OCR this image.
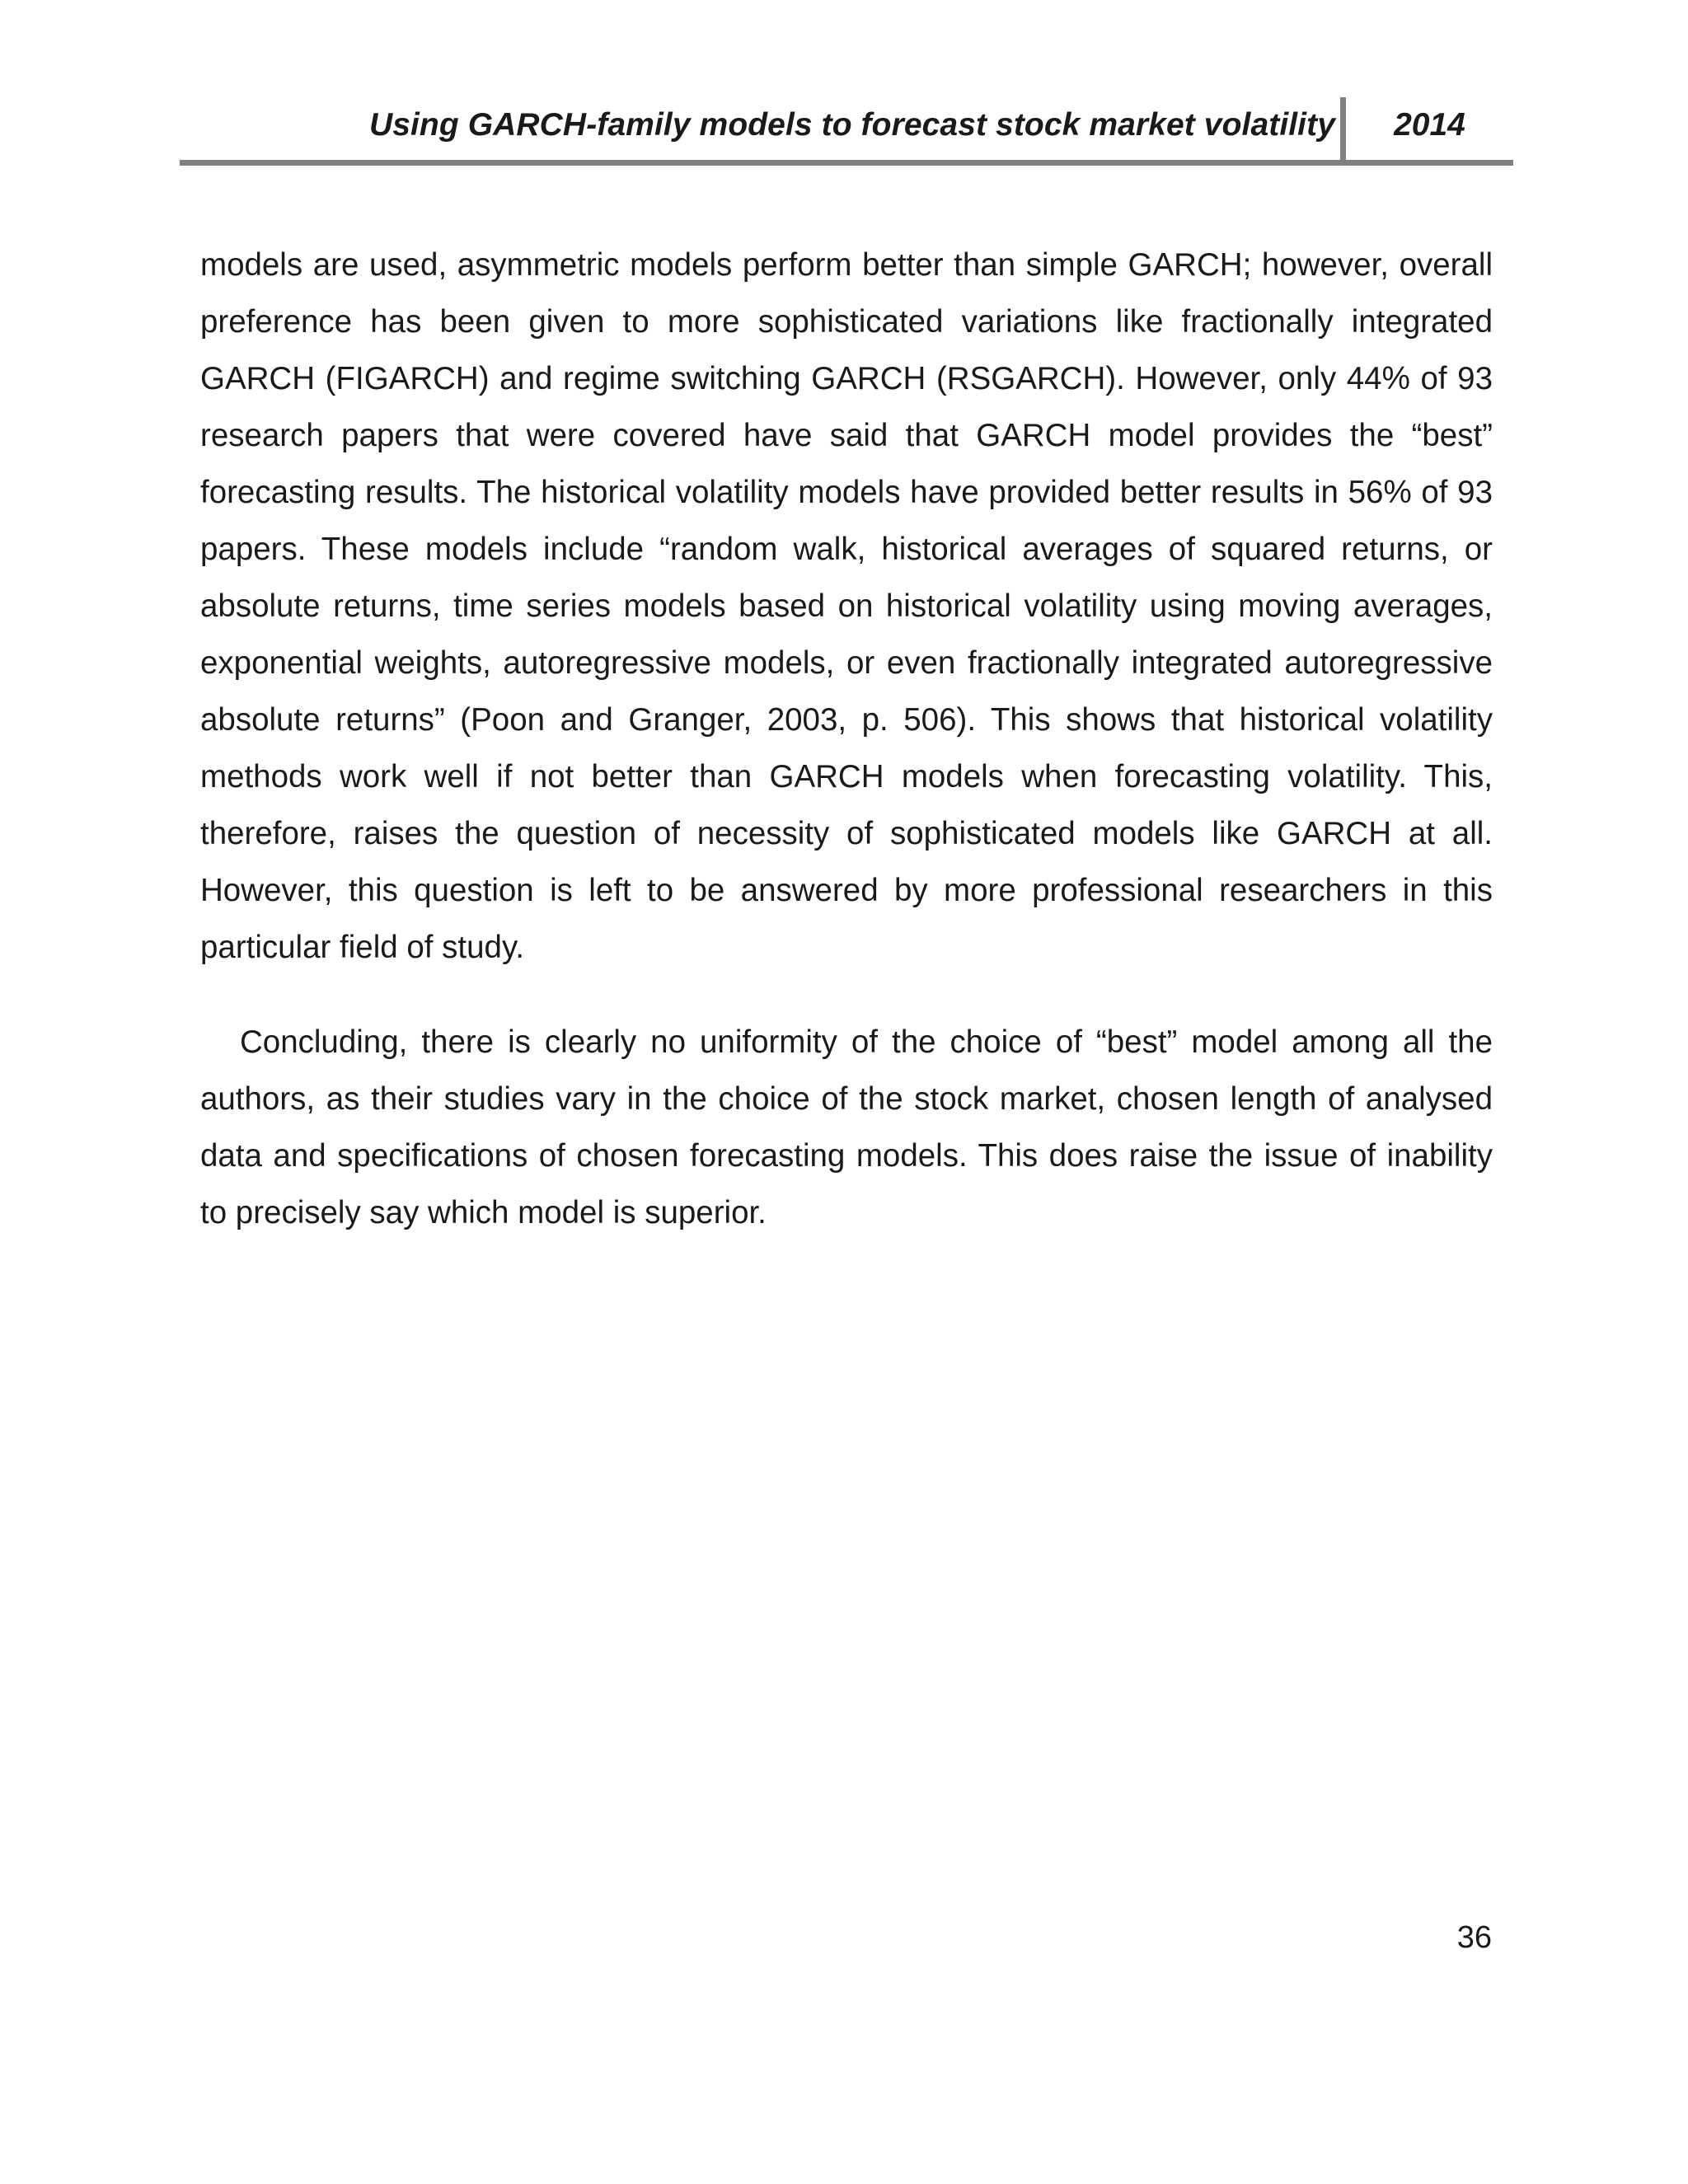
Using GARCH-family models to forecast stock market volatility	2014

models are used, asymmetric models perform better than simple GARCH; however, overall preference has been given to more sophisticated variations like fractionally integrated GARCH (FIGARCH) and regime switching GARCH (RSGARCH). However, only 44% of 93 research papers that were covered have said that GARCH model provides the “best” forecasting results. The historical volatility models have provided better results in 56% of 93 papers. These models include “random walk, historical averages of squared returns, or absolute returns, time series models based on historical volatility using moving averages, exponential weights, autoregressive models, or even fractionally integrated autoregressive absolute returns” (Poon and Granger, 2003, p. 506). This shows that historical volatility methods work well if not better than GARCH models when forecasting volatility. This, therefore, raises the question of necessity of sophisticated models like GARCH at all. However, this question is left to be answered by more professional researchers in this particular field of study.

Concluding, there is clearly no uniformity of the choice of “best” model among all the authors, as their studies vary in the choice of the stock market, chosen length of analysed data and specifications of chosen forecasting models. This does raise the issue of inability to precisely say which model is superior.

36
